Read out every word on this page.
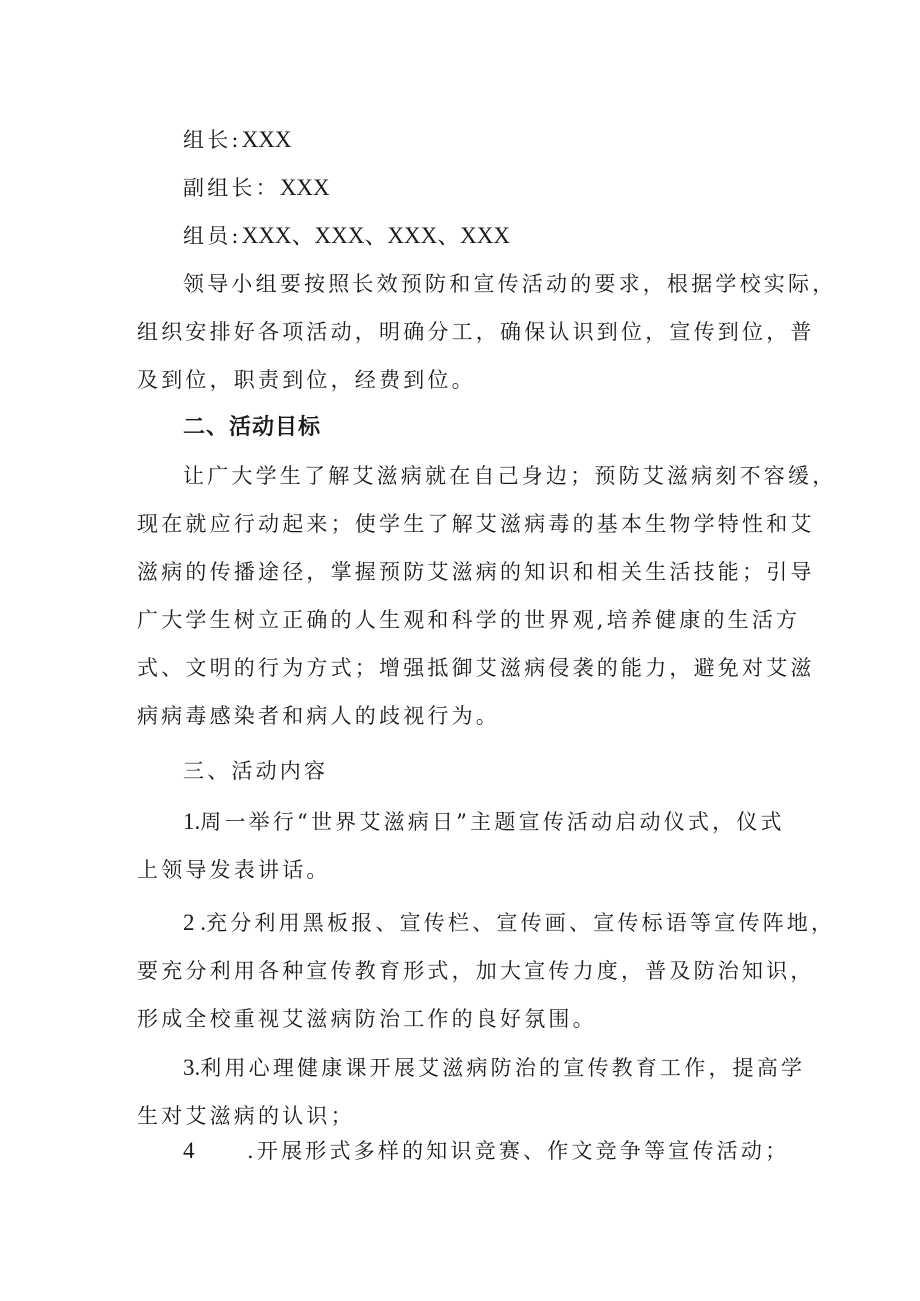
组长:XXX
副组长：XXX
组员:XXX、XXX、XXX、XXX
领导小组要按照长效预防和宣传活动的要求，根据学校实际，
组织安排好各项活动，明确分工，确保认识到位，宣传到位，普
及到位，职责到位，经费到位。
二、活动目标
让广大学生了解艾滋病就在自己身边；预防艾滋病刻不容缓，
现在就应行动起来；使学生了解艾滋病毒的基本生物学特性和艾
滋病的传播途径，掌握预防艾滋病的知识和相关生活技能；引导
广大学生树立正确的人生观和科学的世界观,培养健康的生活方
式、文明的行为方式；增强抵御艾滋病侵袭的能力，避免对艾滋
病病毒感染者和病人的歧视行为。
三、活动内容
1.周一举行“世界艾滋病日”主题宣传活动启动仪式，仪式
上领导发表讲话。
2 .充分利用黑板报、宣传栏、宣传画、宣传标语等宣传阵地，
要充分利用各种宣传教育形式，加大宣传力度，普及防治知识，
形成全校重视艾滋病防治工作的良好氛围。
3.利用心理健康课开展艾滋病防治的宣传教育工作，提高学
生对艾滋病的认识；
4	.开展形式多样的知识竞赛、作文竞争等宣传活动；
